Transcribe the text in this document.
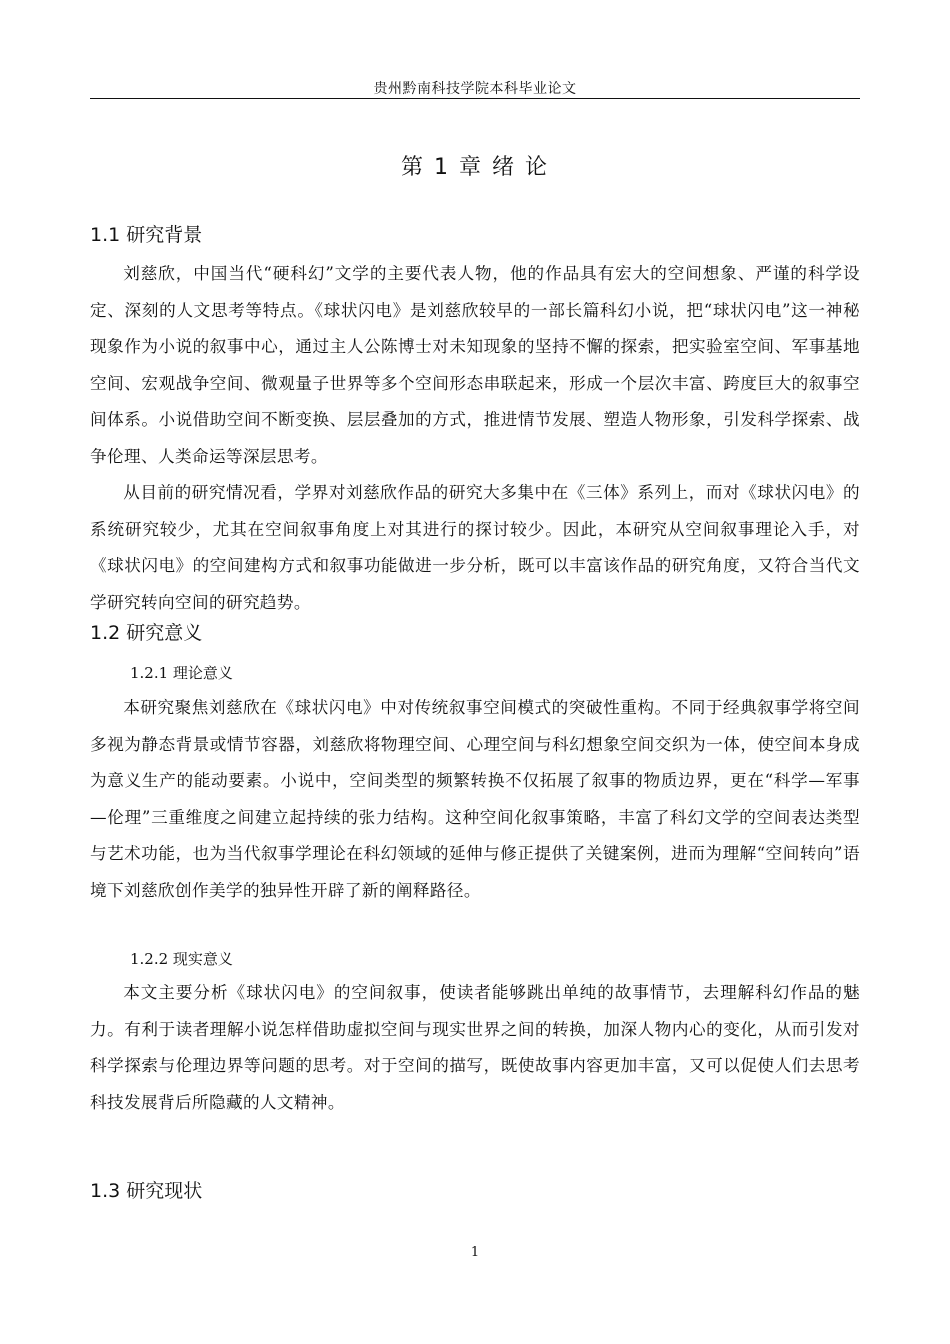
贵州黔南科技学院本科毕业论文
第 1 章 绪 论
1.1 研究背景

刘慈欣，中国当代“硬科幻”文学的主要代表人物，他的作品具有宏大的空间想象、严谨的科学设定、深刻的人文思考等特点。《球状闪电》是刘慈欣较早的一部长篇科幻小说，把“球状闪电”这一神秘现象作为小说的叙事中心，通过主人公陈博士对未知现象的坚持不懈的探索，把实验室空间、军事基地空间、宏观战争空间、微观量子世界等多个空间形态串联起来，形成一个层次丰富、跨度巨大的叙事空间体系。小说借助空间不断变换、层层叠加的方式，推进情节发展、塑造人物形象，引发科学探索、战争伦理、人类命运等深层思考。

从目前的研究情况看，学界对刘慈欣作品的研究大多集中在《三体》系列上，而对《球状闪电》的系统研究较少，尤其在空间叙事角度上对其进行的探讨较少。因此，本研究从空间叙事理论入手，对《球状闪电》的空间建构方式和叙事功能做进一步分析，既可以丰富该作品的研究角度，又符合当代文学研究转向空间的研究趋势。

1.2 研究意义
1.2.1 理论意义

本研究聚焦刘慈欣在《球状闪电》中对传统叙事空间模式的突破性重构。不同于经典叙事学将空间多视为静态背景或情节容器，刘慈欣将物理空间、心理空间与科幻想象空间交织为一体，使空间本身成为意义生产的能动要素。小说中，空间类型的频繁转换不仅拓展了叙事的物质边界，更在“科学—军事—伦理”三重维度之间建立起持续的张力结构。这种空间化叙事策略，丰富了科幻文学的空间表达类型与艺术功能，也为当代叙事学理论在科幻领域的延伸与修正提供了关键案例，进而为理解“空间转向”语境下刘慈欣创作美学的独异性开辟了新的阐释路径。

1.2.2 现实意义

本文主要分析《球状闪电》的空间叙事，使读者能够跳出单纯的故事情节，去理解科幻作品的魅力。有利于读者理解小说怎样借助虚拟空间与现实世界之间的转换，加深人物内心的变化，从而引发对科学探索与伦理边界等问题的思考。对于空间的描写，既使故事内容更加丰富，又可以促使人们去思考科技发展背后所隐藏的人文精神。

1.3 研究现状
1
